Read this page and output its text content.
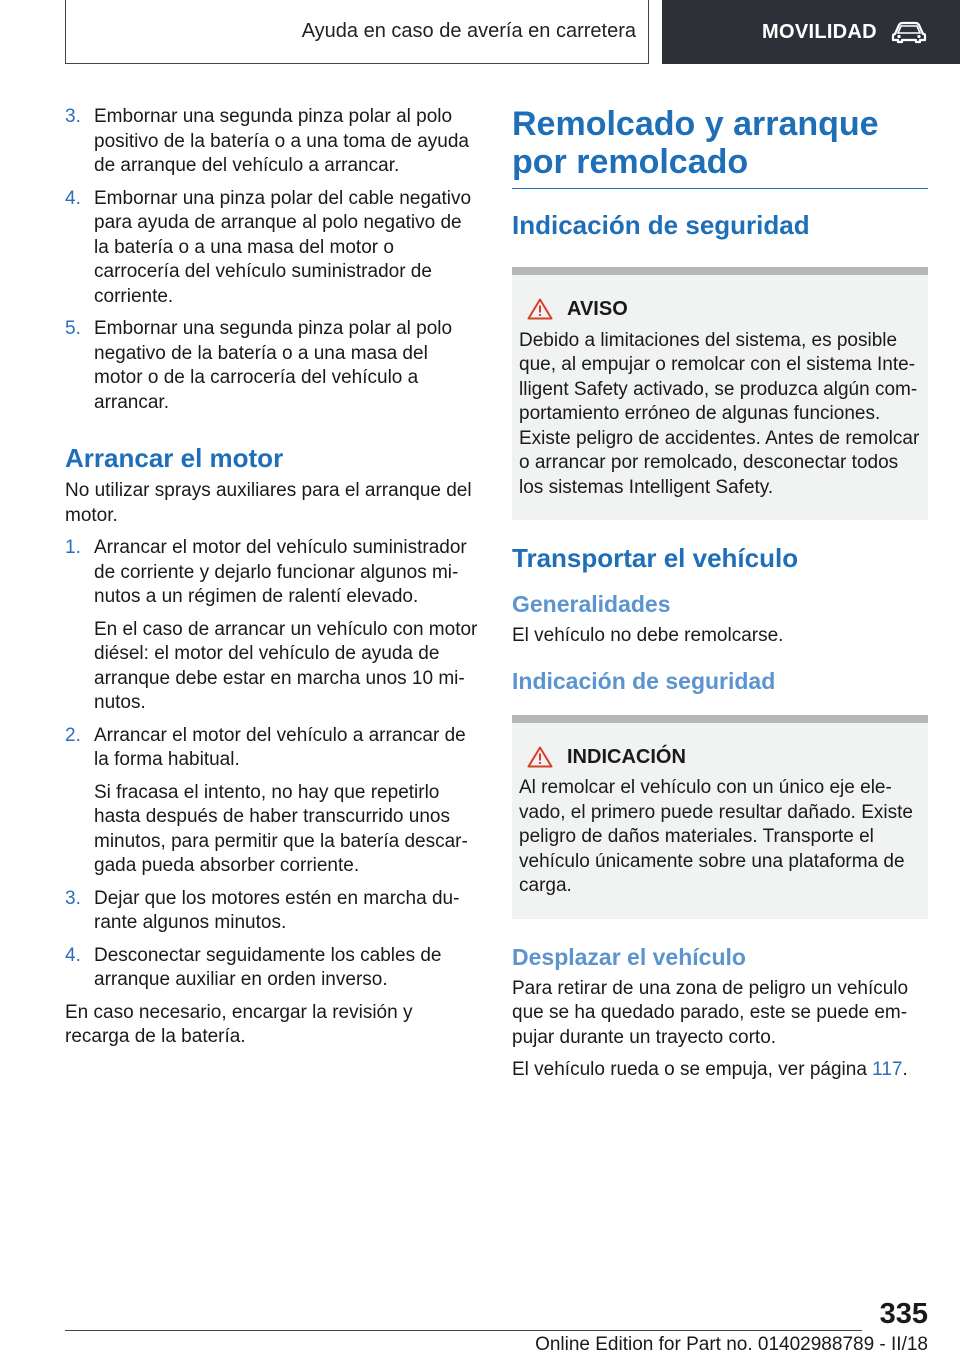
Ayuda en caso de avería en carretera	MOVILIDAD
3. Embornar una segunda pinza polar al polo positivo de la batería o a una toma de ayuda de arranque del vehículo a arrancar.

4. Embornar una pinza polar del cable negativo para ayuda de arranque al polo negativo de la batería o a una masa del motor o carrocería del vehículo suministrador de corriente.

5. Embornar una segunda pinza polar al polo negativo de la batería o a una masa del motor o de la carrocería del vehículo a arrancar.

Arrancar el motor

No utilizar sprays auxiliares para el arranque del motor.

1. Arrancar el motor del vehículo suministrador de corriente y dejarlo funcionar algunos minutos a un régimen de ralentí elevado.

En el caso de arrancar un vehículo con motor diésel: el motor del vehículo de ayuda de arranque debe estar en marcha unos 10 minutos.

2. Arrancar el motor del vehículo a arrancar de la forma habitual.

Si fracasa el intento, no hay que repetirlo hasta después de haber transcurrido unos minutos, para permitir que la batería descargada pueda absorber corriente.

3. Dejar que los motores estén en marcha durante algunos minutos.

4. Desconectar seguidamente los cables de arranque auxiliar en orden inverso.

En caso necesario, encargar la revisión y recarga de la batería.

Remolcado y arranque por remolcado
Indicación de seguridad
AVISO

Debido a limitaciones del sistema, es posible que, al empujar o remolcar con el sistema Intelligent Safety activado, se produzca algún comportamiento erróneo de algunas funciones. Existe peligro de accidentes. Antes de remolcar o arrancar por remolcado, desconectar todos los sistemas Intelligent Safety.

Transportar el vehículo
Generalidades

El vehículo no debe remolcarse.

Indicación de seguridad
INDICACIÓN

Al remolcar el vehículo con un único eje elevado, el primero puede resultar dañado. Existe peligro de daños materiales. Transporte el vehículo únicamente sobre una plataforma de carga.

Desplazar el vehículo

Para retirar de una zona de peligro un vehículo que se ha quedado parado, este se puede empujar durante un trayecto corto.

El vehículo rueda o se empuja, ver página 117.

335
Online Edition for Part no. 01402988789 - II/18
